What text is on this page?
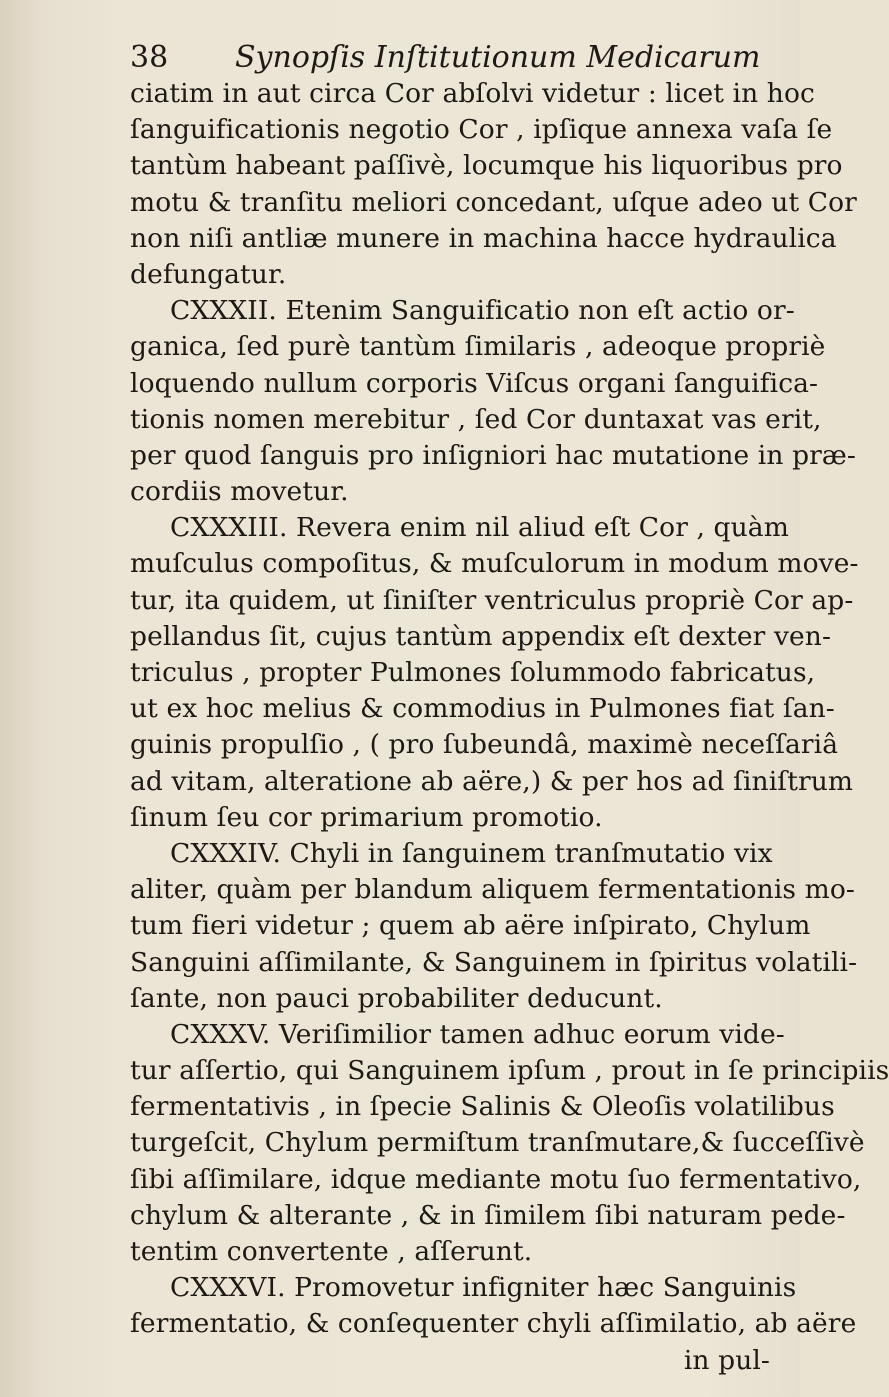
38 Synopſis Inſtitutionum Medicarum
ciatim in aut circa Cor abſolvi videtur : licet in hoc
ſanguificationis negotio Cor , ipſique annexa vaſa ſe
tantùm habeant paſſivè, locumque his liquoribus pro
motu & tranſitu meliori concedant, uſque adeo ut Cor
non niſi antliæ munere in machina hacce hydraulica
defungatur.
CXXXII. Etenim Sanguificatio non eſt actio or-
ganica, ſed purè tantùm ſimilaris , adeoque propriè
loquendo nullum corporis Viſcus organi ſanguifica-
tionis nomen merebitur , ſed Cor duntaxat vas erit,
per quod ſanguis pro inſigniori hac mutatione in præ-
cordiis movetur.
CXXXIII. Revera enim nil aliud eſt Cor , quàm
muſculus compoſitus, & muſculorum in modum move-
tur, ita quidem, ut ſiniſter ventriculus propriè Cor ap-
pellandus ſit, cujus tantùm appendix eſt dexter ven-
triculus , propter Pulmones ſolummodo fabricatus,
ut ex hoc melius & commodius in Pulmones fiat ſan-
guinis propulſio , ( pro ſubeundâ, maximè neceſſariâ
ad vitam, alteratione ab aëre,) & per hos ad ſiniſtrum
ſinum ſeu cor primarium promotio.
CXXXIV. Chyli in ſanguinem tranſmutatio vix
aliter, quàm per blandum aliquem fermentationis mo-
tum fieri videtur ; quem ab aëre inſpirato, Chylum
Sanguini aſſimilante, & Sanguinem in ſpiritus volatili-
ſante, non pauci probabiliter deducunt.
CXXXV. Veriſimilior tamen adhuc eorum vide-
tur aſſertio, qui Sanguinem ipſum , prout in ſe principiis
fermentativis , in ſpecie Salinis & Oleoſis volatilibus
turgeſcit, Chylum permiſtum tranſmutare,& ſucceſſivè
ſibi aſſimilare, idque mediante motu ſuo fermentativo,
chylum & alterante , & in ſimilem ſibi naturam pede-
tentim convertente , aſſerunt.
CXXXVI. Promovetur infigniter hæc Sanguinis
fermentatio, & conſequenter chyli aſſimilatio, ab aëre
in pul-
